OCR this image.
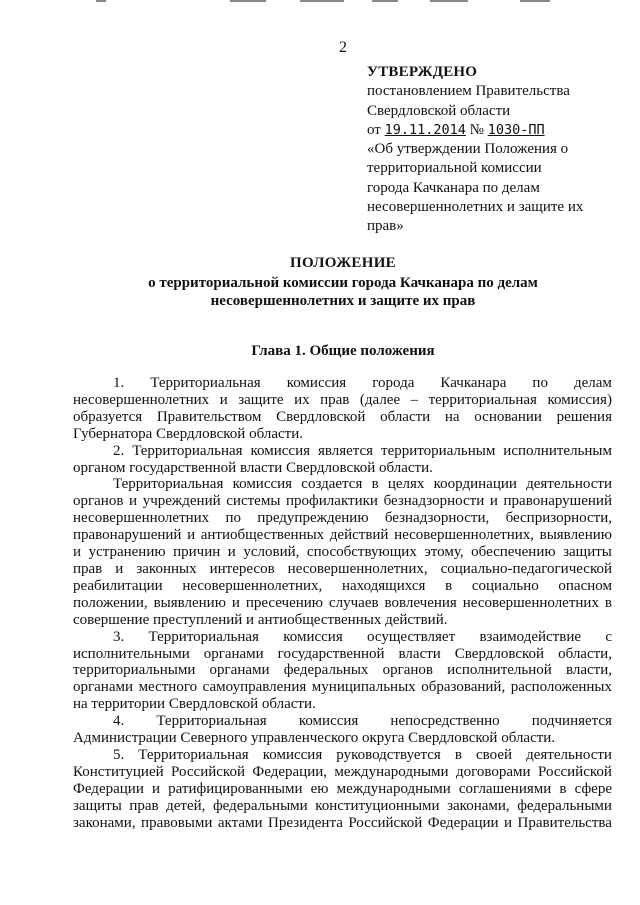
2
УТВЕРЖДЕНО
постановлением Правительства
Свердловской области
от 19.11.2014 № 1030-ПП
«Об утверждении Положения о
территориальной комиссии
города Качканара по делам
несовершеннолетних и защите их
прав»
ПОЛОЖЕНИЕ
о территориальной комиссии города Качканара по делам
несовершеннолетних и защите их прав
Глава 1. Общие положения
1. Территориальная комиссия города Качканара по делам
несовершеннолетних и защите их прав (далее – территориальная комиссия)
образуется Правительством Свердловской области на основании решения
Губернатора Свердловской области.
2. Территориальная комиссия является территориальным исполнительным
органом государственной власти Свердловской области.
Территориальная комиссия создается в целях координации деятельности
органов и учреждений системы профилактики безнадзорности и правонарушений
несовершеннолетних по предупреждению безнадзорности, беспризорности,
правонарушений и антиобщественных действий несовершеннолетних, выявлению
и устранению причин и условий, способствующих этому, обеспечению защиты
прав и законных интересов несовершеннолетних, социально-педагогической
реабилитации несовершеннолетних, находящихся в социально опасном
положении, выявлению и пресечению случаев вовлечения несовершеннолетних в
совершение преступлений и антиобщественных действий.
3. Территориальная комиссия осуществляет взаимодействие с
исполнительными органами государственной власти Свердловской области,
территориальными органами федеральных органов исполнительной власти,
органами местного самоуправления муниципальных образований, расположенных
на территории Свердловской области.
4. Территориальная комиссия непосредственно подчиняется
Администрации Северного управленческого округа Свердловской области.
5. Территориальная комиссия руководствуется в своей деятельности
Конституцией Российской Федерации, международными договорами Российской
Федерации и ратифицированными ею международными соглашениями в сфере
защиты прав детей, федеральными конституционными законами, федеральными
законами, правовыми актами Президента Российской Федерации и Правительства
